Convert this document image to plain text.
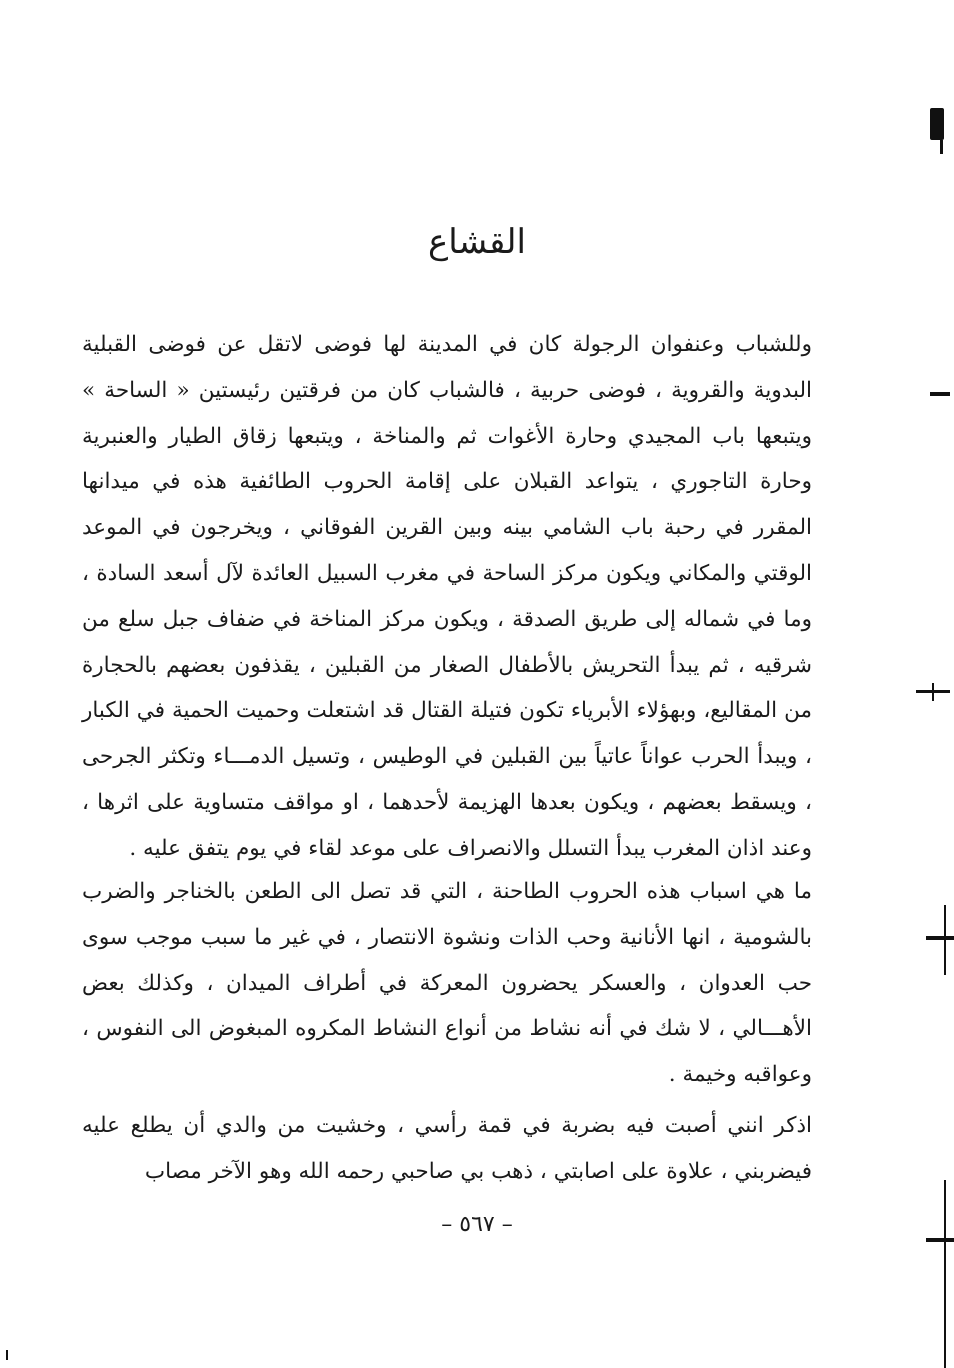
القشاع
وللشباب وعنفوان الرجولة كان في المدينة لها فوضى لاتقل عن فوضى القبلية البدوية والقروية ، فوضى حربية ، فالشباب كان من فرقتين رئيستين « الساحة » ويتبعها باب المجيدي وحارة الأغوات ثم والمناخة ، ويتبعها زقاق الطيار والعنبرية وحارة التاجوري ، يتواعد القبلان على إقامة الحروب الطائفية هذه في ميدانها المقرر في رحبة باب الشامي بينه وبين القرين الفوقاني ، ويخرجون في الموعد الوقتي والمكاني ويكون مركز الساحة في مغرب السبيل العائدة لآل أسعد السادة ، وما في شماله إلى طريق الصدقة ، ويكون مركز المناخة في ضفاف جبل سلع من شرقيه ، ثم يبدأ التحريش بالأطفال الصغار من القبلين ، يقذفون بعضهم بالحجارة من المقاليع، وبهؤلاء الأبرياء تكون فتيلة القتال قد اشتعلت وحميت الحمية في الكبار ، ويبدأ الحرب عواناً عاتياً بين القبلين في الوطيس ، وتسيل الدمـــاء وتكثر الجرحى ، ويسقط بعضهم ، ويكون بعدها الهزيمة لأحدهما ، او مواقف متساوية على اثرها ، وعند اذان المغرب يبدأ التسلل والانصراف على موعد لقاء في يوم يتفق عليه .
ما هي اسباب هذه الحروب الطاحنة ، التي قد تصل الى الطعن بالخناجر والضرب بالشومية ، انها الأنانية وحب الذات ونشوة الانتصار ، في غير ما سبب موجب سوى حب العدوان ، والعسكر يحضرون المعركة في أطراف الميدان ، وكذلك بعض الأهـــالي ، لا شك في أنه نشاط من أنواع النشاط المكروه المبغوض الى النفوس ، وعواقبه وخيمة .
اذكر انني أصبت فيه بضربة في قمة رأسي ، وخشيت من والدي أن يطلع عليه فيضربني ، علاوة على اصابتي ، ذهب بي صاحبي رحمه الله وهو الآخر مصاب
– ٥٦٧ –
